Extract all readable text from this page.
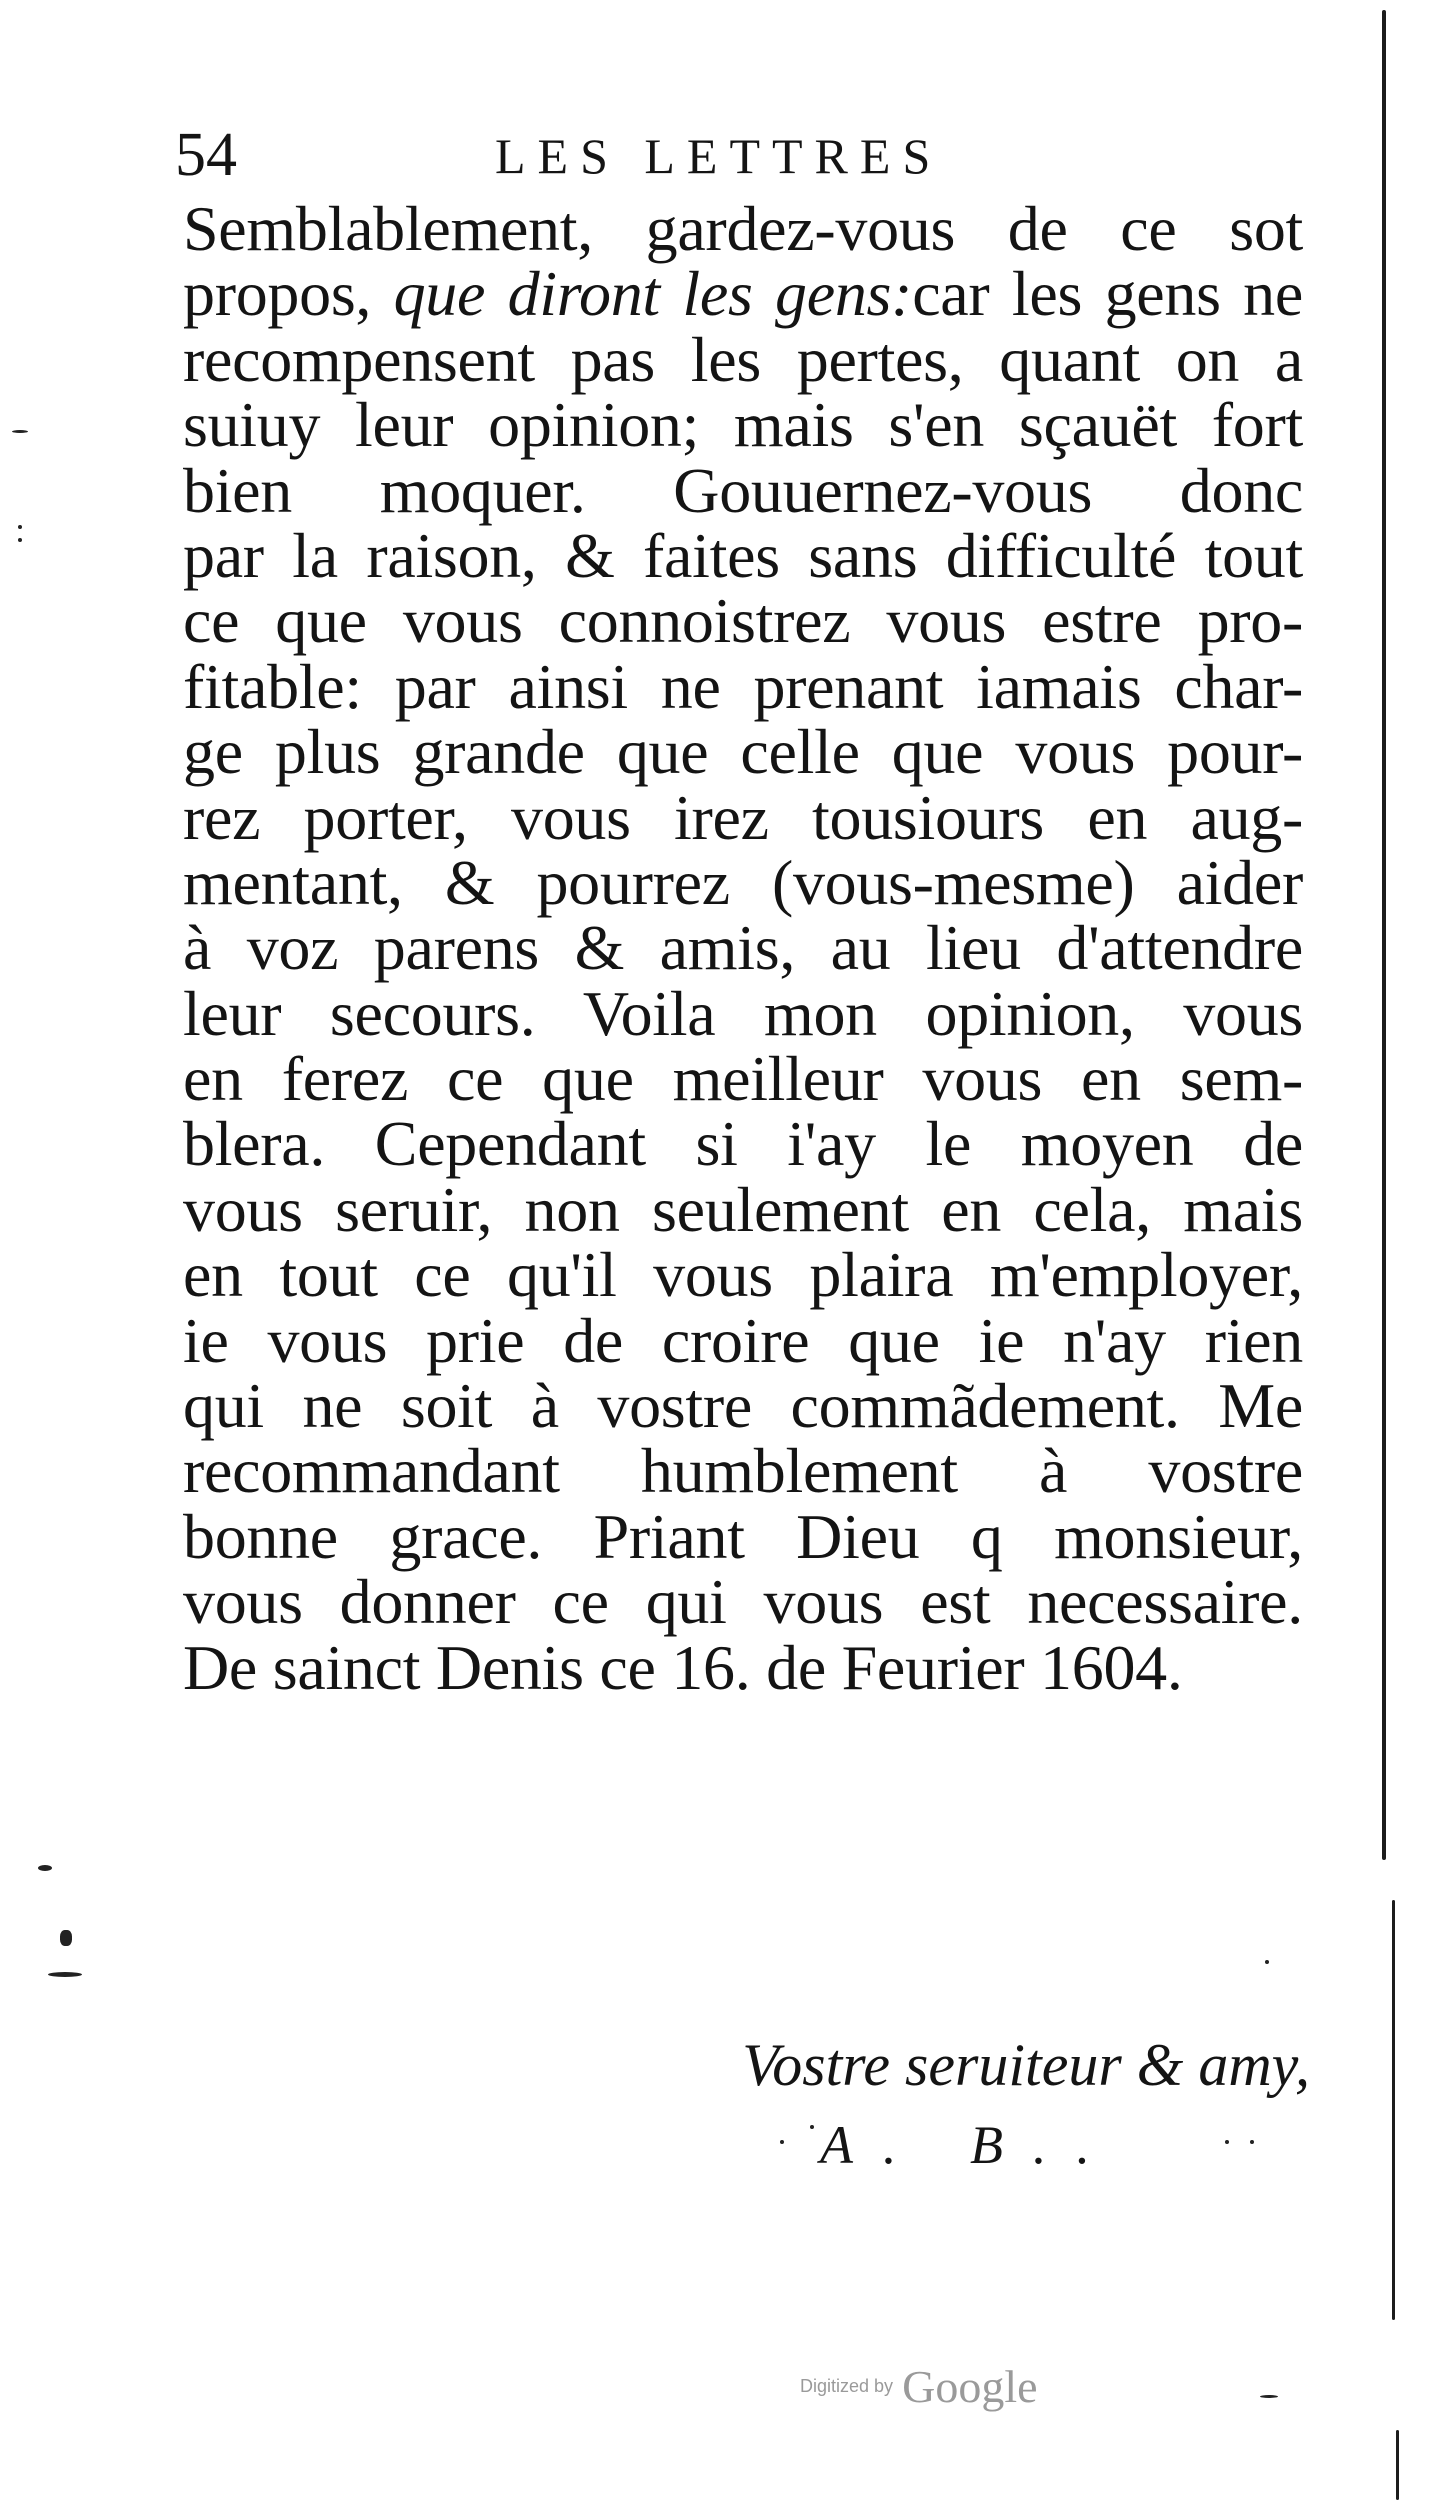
54	LES LETTRES
Semblablement, gardez-vous de ce sot
propos, que diront les gens:car les gens ne
recompensent pas les pertes, quant on a
suiuy leur opinion; mais s'en sçauët fort
bien moquer. Gouuernez-vous donc
par la raison, & faites sans difficulté tout
ce que vous connoistrez vous estre pro-
fitable: par ainsi ne prenant iamais char-
ge plus grande que celle que vous pour-
rez porter, vous irez tousiours en aug-
mentant, & pourrez (vous-mesme) aider
à voz parens & amis, au lieu d'attendre
leur secours. Voila mon opinion, vous
en ferez ce que meilleur vous en sem-
blera. Cependant si i'ay le moyen de
vous seruir, non seulement en cela, mais
en tout ce qu'il vous plaira m'employer,
ie vous prie de croire que ie n'ay rien
qui ne soit à vostre commãdement. Me
recommandant humblement à vostre
bonne grace. Priant Dieu q monsieur,
vous donner ce qui vous est necessaire.
De sainct Denis ce 16. de Feurier 1604.
Vostre seruiteur & amy,
A. B..
Digitized by Google
